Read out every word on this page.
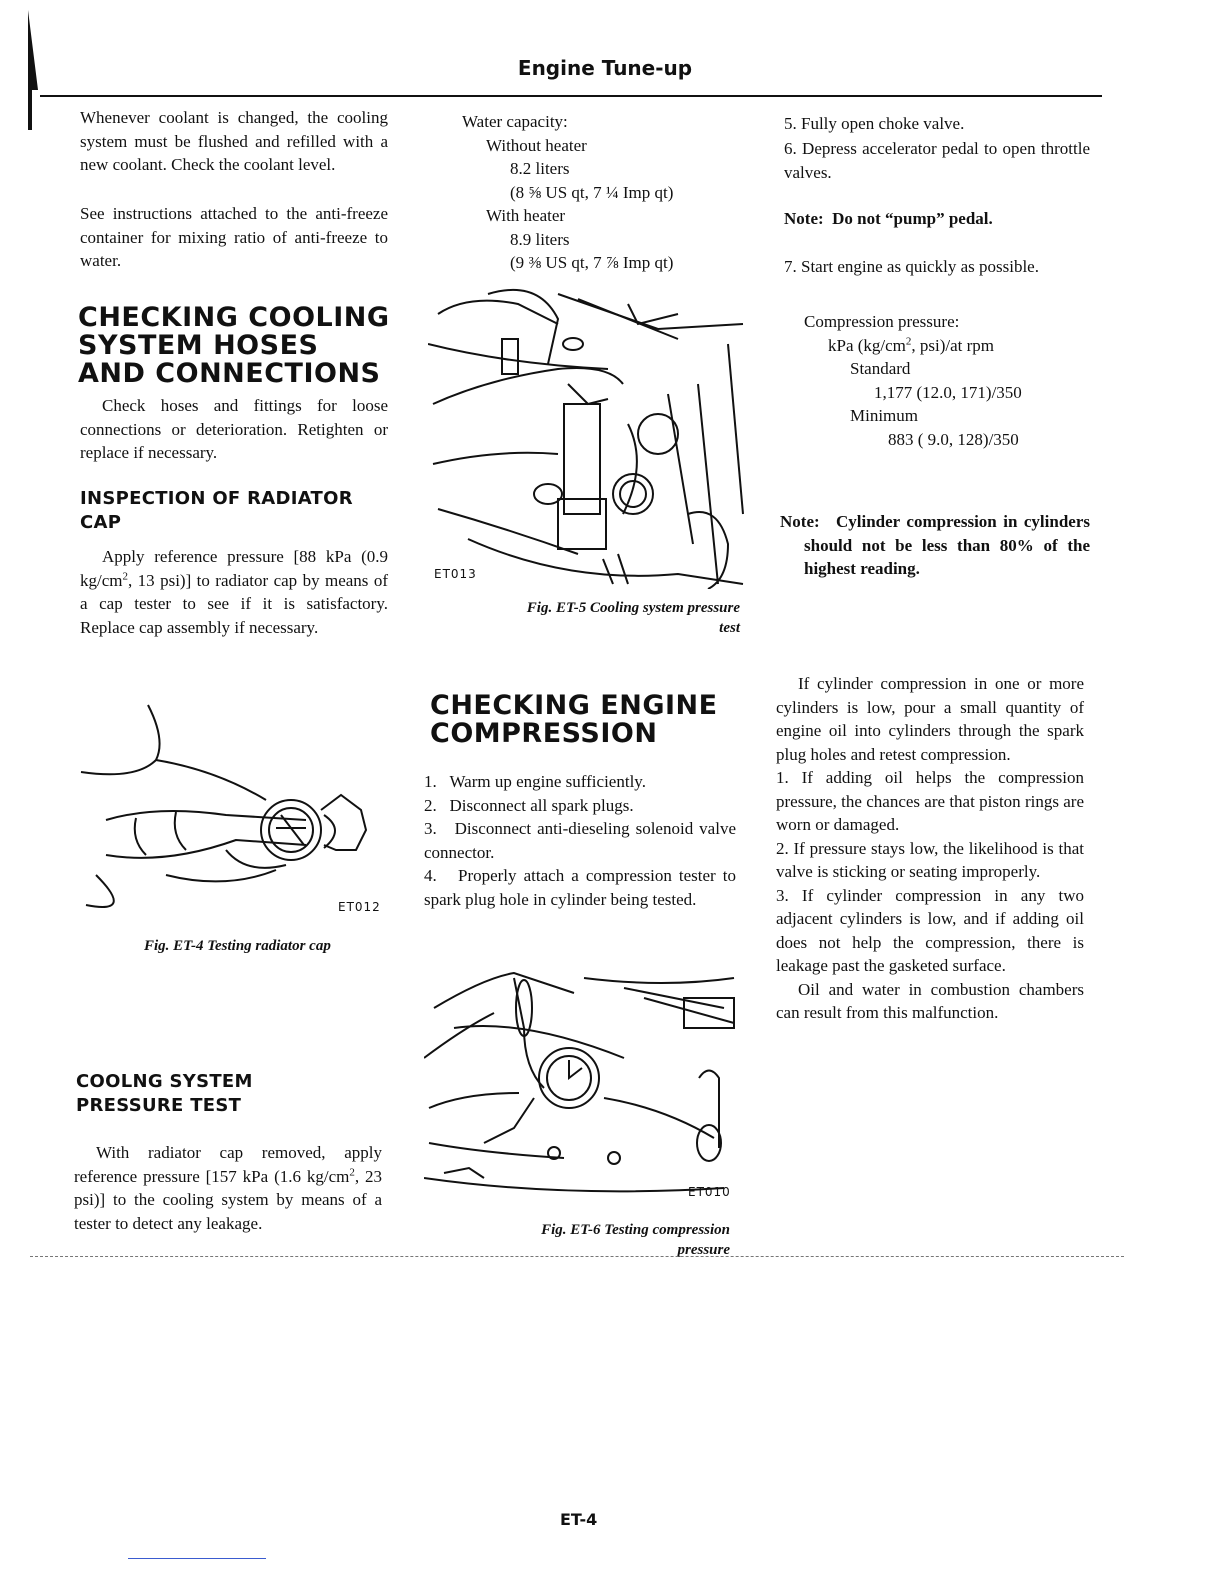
Engine Tune-up

Whenever coolant is changed, the cooling system must be flushed and refilled with a new coolant. Check the coolant level.

See instructions attached to the anti-freeze container for mixing ratio of anti-freeze to water.

CHECKING COOLING
SYSTEM HOSES
AND CONNECTIONS

Check hoses and fittings for loose connections or deterioration. Retighten or replace if necessary.

INSPECTION OF RADIATOR
CAP

Apply reference pressure [88 kPa (0.9 $kg/cm^2$, 13 psi)] to radiator cap by means of a cap tester to see if it is satisfactory. Replace cap assembly if necessary.

ET012
Fig. ET-4 Testing radiator cap
COOLNG SYSTEM
PRESSURE TEST

With radiator cap removed, apply reference pressure [157 kPa (1.6 $kg/cm^2$, 23 psi)] to the cooling system by means of a tester to detect any leakage.

Water capacity:
Without heater
8.2 liters
(8 ⅝ US qt, 7 ¼ Imp qt)
With heater
8.9 liters
(9 ⅜ US qt, 7 ⅞ Imp qt)
ET013
Fig. ET-5 Cooling system pressure
test
CHECKING ENGINE
COMPRESSION
1. Warm up engine sufficiently.
2. Disconnect all spark plugs.
3. Disconnect anti-dieseling solenoid valve connector.
4. Properly attach a compression tester to spark plug hole in cylinder being tested.
ET010
Fig. ET-6 Testing compression
pressure

5. Fully open choke valve.

6. Depress accelerator pedal to open throttle valves.

Note: Do not “pump” pedal.

7. Start engine as quickly as possible.

Compression pressure:
kPa ($kg/cm^2$, psi)/at rpm
Standard
1,177 (12.0, 171)/350
Minimum
883 ( 9.0, 128)/350
Note: Cylinder compression in cylinders should not be less than 80% of the highest reading.

If cylinder compression in one or more cylinders is low, pour a small quantity of engine oil into cylinders through the spark plug holes and retest compression.

1. If adding oil helps the compression pressure, the chances are that piston rings are worn or damaged.

2. If pressure stays low, the likelihood is that valve is sticking or seating improperly.

3. If cylinder compression in any two adjacent cylinders is low, and if adding oil does not help the compression, there is leakage past the gasketed surface.

Oil and water in combustion chambers can result from this malfunction.

ET-4
